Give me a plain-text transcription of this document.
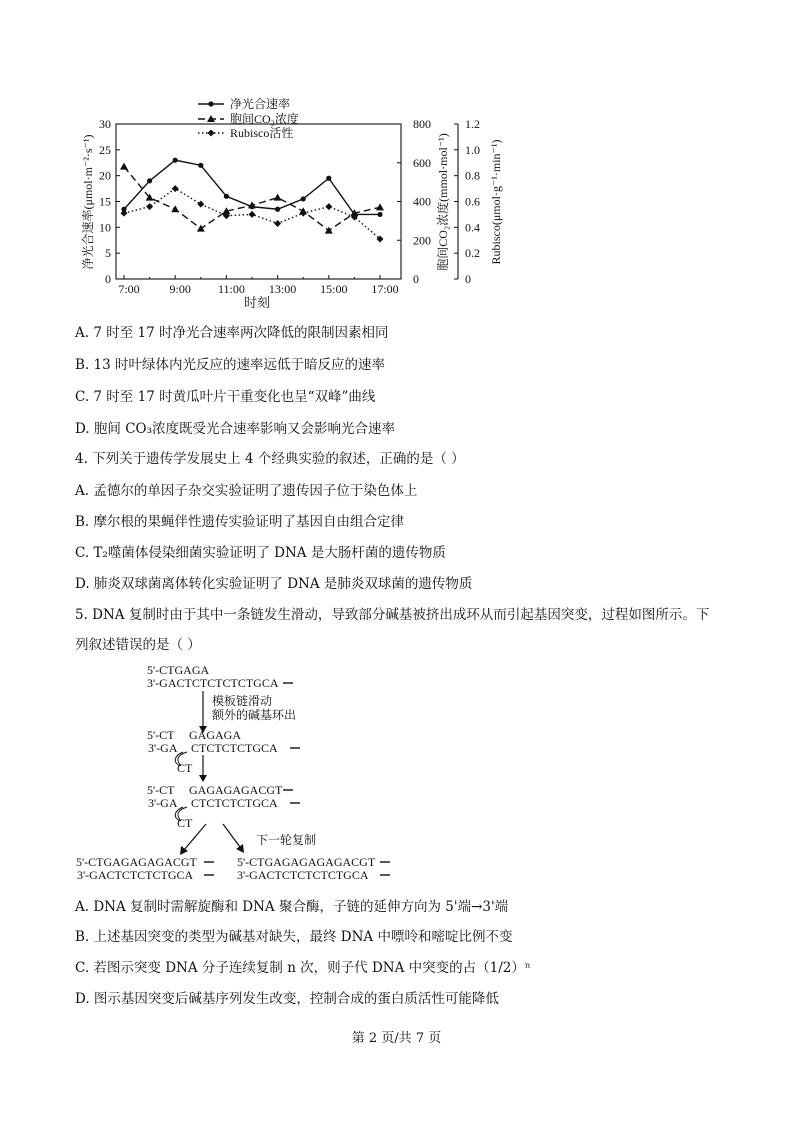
净光合速率
胞间CO₂浓度
Rubisco活性
0
5
10
15
20
25
30
0
200
400
600
800
0
0.2
0.4
0.6
0.8
1.0
1.2
7:00 9:00 11:00 13:00 15:00 17:00
净光合速率(μmol·m⁻²·s⁻¹)	胞间CO₂浓度(mmol·mol⁻¹)	Rubisco(μmol·g⁻¹·min⁻¹)
时刻
A. 7 时至 17 时净光合速率两次降低的限制因素相同
B. 13 时叶绿体内光反应的速率远低于暗反应的速率
C. 7 时至 17 时黄瓜叶片干重变化也呈“双峰”曲线
D. 胞间 CO₃浓度既受光合速率影响又会影响光合速率
4. 下列关于遗传学发展史上 4 个经典实验的叙述，正确的是（ ）
A. 孟德尔的单因子杂交实验证明了遗传因子位于染色体上
B. 摩尔根的果蝇伴性遗传实验证明了基因自由组合定律
C. T₂噬菌体侵染细菌实验证明了 DNA 是大肠杆菌的遗传物质
D. 肺炎双球菌离体转化实验证明了 DNA 是肺炎双球菌的遗传物质
5. DNA 复制时由于其中一条链发生滑动，导致部分碱基被挤出成环从而引起基因突变，过程如图所示。下
列叙述错误的是（ ）
5'-CTGAGA
3'-GACTCTCTCTCTGCA
模板链滑动
额外的碱基环出
5'-CT GAGAGA
3'-GA CTCTCTCTGCA
CT
5'-CT GAGAGAGACGT
3'-GA CTCTCTCTGCA
CT
下一轮复制
5'-CTGAGAGAGACGT
3'-GACTCTCTCTGCA
5'-CTGAGAGAGAGACGT
3'-GACTCTCTCTCTGCA
A. DNA 复制时需解旋酶和 DNA 聚合酶，子链的延伸方向为 5'端→3'端
B. 上述基因突变的类型为碱基对缺失，最终 DNA 中嘌呤和嘧啶比例不变
C. 若图示突变 DNA 分子连续复制 n 次，则子代 DNA 中突变的占（1/2）ⁿ
D. 图示基因突变后碱基序列发生改变，控制合成的蛋白质活性可能降低
第 2 页/共 7 页
